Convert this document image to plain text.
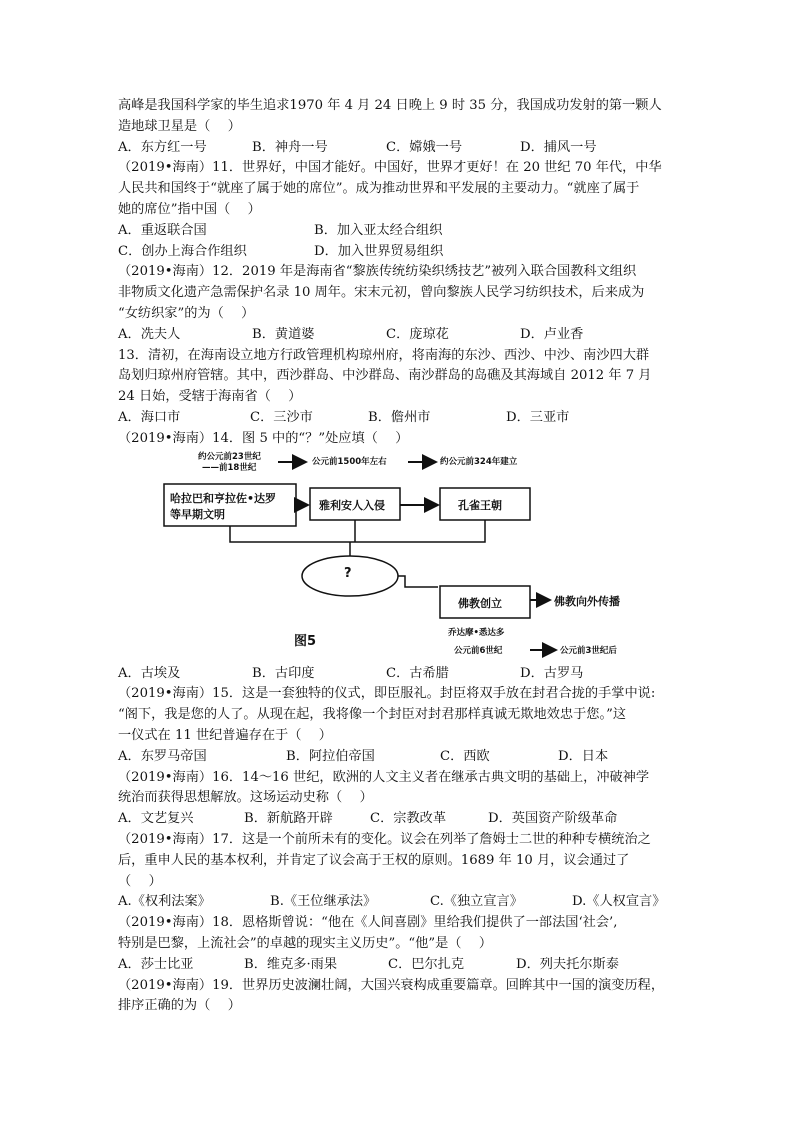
高峰是我国科学家的毕生追求1970 年 4 月 24 日晚上 9 时 35 分，我国成功发射的第一颗人
造地球卫星是（　 ）
A．东方红一号	B．神舟一号	C．嫦娥一号	D．捕风一号
（2019•海南）11．世界好，中国才能好。中国好，世界才更好！在 20 世纪 70 年代，中华
人民共和国终于“就座了属于她的席位”。成为推动世界和平发展的主要动力。“就座了属于
她的席位”指中国（　 ）
A．重返联合国	B．加入亚太经合组织
C．创办上海合作组织	D．加入世界贸易组织
（2019•海南）12．2019 年是海南省“黎族传统纺染织绣技艺”被列入联合国教科文组织
非物质文化遗产急需保护名录 10 周年。宋末元初，曾向黎族人民学习纺织技术，后来成为
“女纺织家”的为（　 ）
A．冼夫人	B．黄道婆	C．庞琼花	D．卢业香
13．清初，在海南设立地方行政管理机构琼州府，将南海的东沙、西沙、中沙、南沙四大群
岛划归琼州府管辖。其中，西沙群岛、中沙群岛、南沙群岛的岛礁及其海域自 2012 年 7 月
24 日始，受辖于海南省（　 ）
A．海口市	C．三沙市	B．儋州市	D．三亚市
（2019•海南）14．图 5 中的“？”处应填（　 ）
约公元前23世纪
——前18世纪
公元前1500年左右	约公元前324年建立
哈拉巴和亨拉佐•达罗
等早期文明
雅利安人入侵	孔雀王朝
?
佛教创立	佛教向外传播
乔达摩•悉达多
公元前6世纪	公元前3世纪后
图5
A．古埃及	B．古印度	C．古希腊	D．古罗马
（2019•海南）15．这是一套独特的仪式，即臣服礼。封臣将双手放在封君合拢的手掌中说:
“阁下，我是您的人了。从现在起，我将像一个封臣对封君那样真诚无欺地效忠于您。”这
一仪式在 11 世纪普遍存在于（　 ）
A．东罗马帝国	B．阿拉伯帝国	C．西欧	D．日本
（2019•海南）16．14～16 世纪，欧洲的人文主义者在继承古典文明的基础上，冲破神学
统治而获得思想解放。这场运动史称（　 ）
A．文艺复兴	B．新航路开辟	C．宗教改革	D．英国资产阶级革命
（2019•海南）17．这是一个前所未有的变化。议会在列举了詹姆士二世的种种专横统治之
后，重申人民的基本权利，并肯定了议会高于王权的原则。1689 年 10 月，议会通过了
（　 ）
A.《权利法案》	B.《王位继承法》	C.《独立宣言》	D.《人权宣言》
（2019•海南）18．恩格斯曾说：“他在《人间喜剧》里给我们提供了一部法国‘社会’,
特别是巴黎，上流社会”的卓越的现实主义历史”。“他”是（　 ）
A．莎士比亚	B．维克多·雨果	C．巴尔扎克	D．列夫托尔斯泰
（2019•海南）19．世界历史波澜壮阔，大国兴衰构成重要篇章。回眸其中一国的演变历程，
排序正确的为（　 ）
